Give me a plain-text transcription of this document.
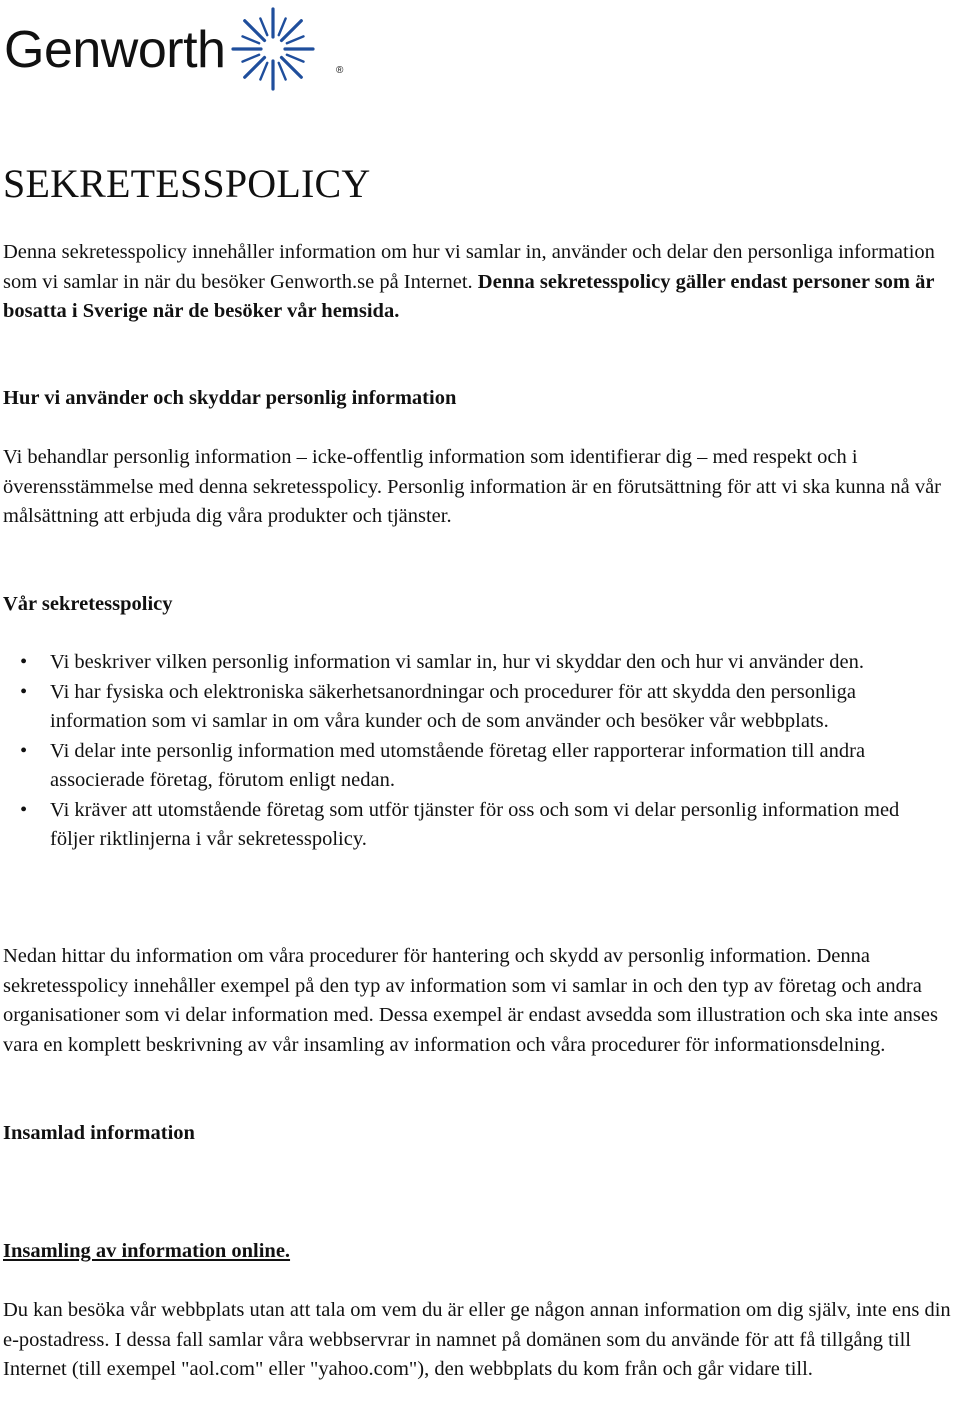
Genworth	®
SEKRETESSPOLICY

Denna sekretesspolicy innehåller information om hur vi samlar in, använder och delar den personliga information som vi samlar in när du besöker Genworth.se på Internet. Denna sekretesspolicy gäller endast personer som är bosatta i Sverige när de besöker vår hemsida.

Hur vi använder och skyddar personlig information

Vi behandlar personlig information – icke-offentlig information som identifierar dig – med respekt och i överensstämmelse med denna sekretesspolicy. Personlig information är en förutsättning för att vi ska kunna nå vår målsättning att erbjuda dig våra produkter och tjänster.

Vår sekretesspolicy

• Vi beskriver vilken personlig information vi samlar in, hur vi skyddar den och hur vi använder den.
• Vi har fysiska och elektroniska säkerhetsanordningar och procedurer för att skydda den personliga information som vi samlar in om våra kunder och de som använder och besöker vår webbplats.
• Vi delar inte personlig information med utomstående företag eller rapporterar information till andra associerade företag, förutom enligt nedan.
• Vi kräver att utomstående företag som utför tjänster för oss och som vi delar personlig information med följer riktlinjerna i vår sekretesspolicy.

Nedan hittar du information om våra procedurer för hantering och skydd av personlig information. Denna sekretesspolicy innehåller exempel på den typ av information som vi samlar in och den typ av företag och andra organisationer som vi delar information med. Dessa exempel är endast avsedda som illustration och ska inte anses vara en komplett beskrivning av vår insamling av information och våra procedurer för informationsdelning.

Insamlad information

Insamling av information online.

Du kan besöka vår webbplats utan att tala om vem du är eller ge någon annan information om dig själv, inte ens din e-postadress. I dessa fall samlar våra webbservrar in namnet på domänen som du använde för att få tillgång till Internet (till exempel "aol.com" eller "yahoo.com"), den webbplats du kom från och går vidare till.
